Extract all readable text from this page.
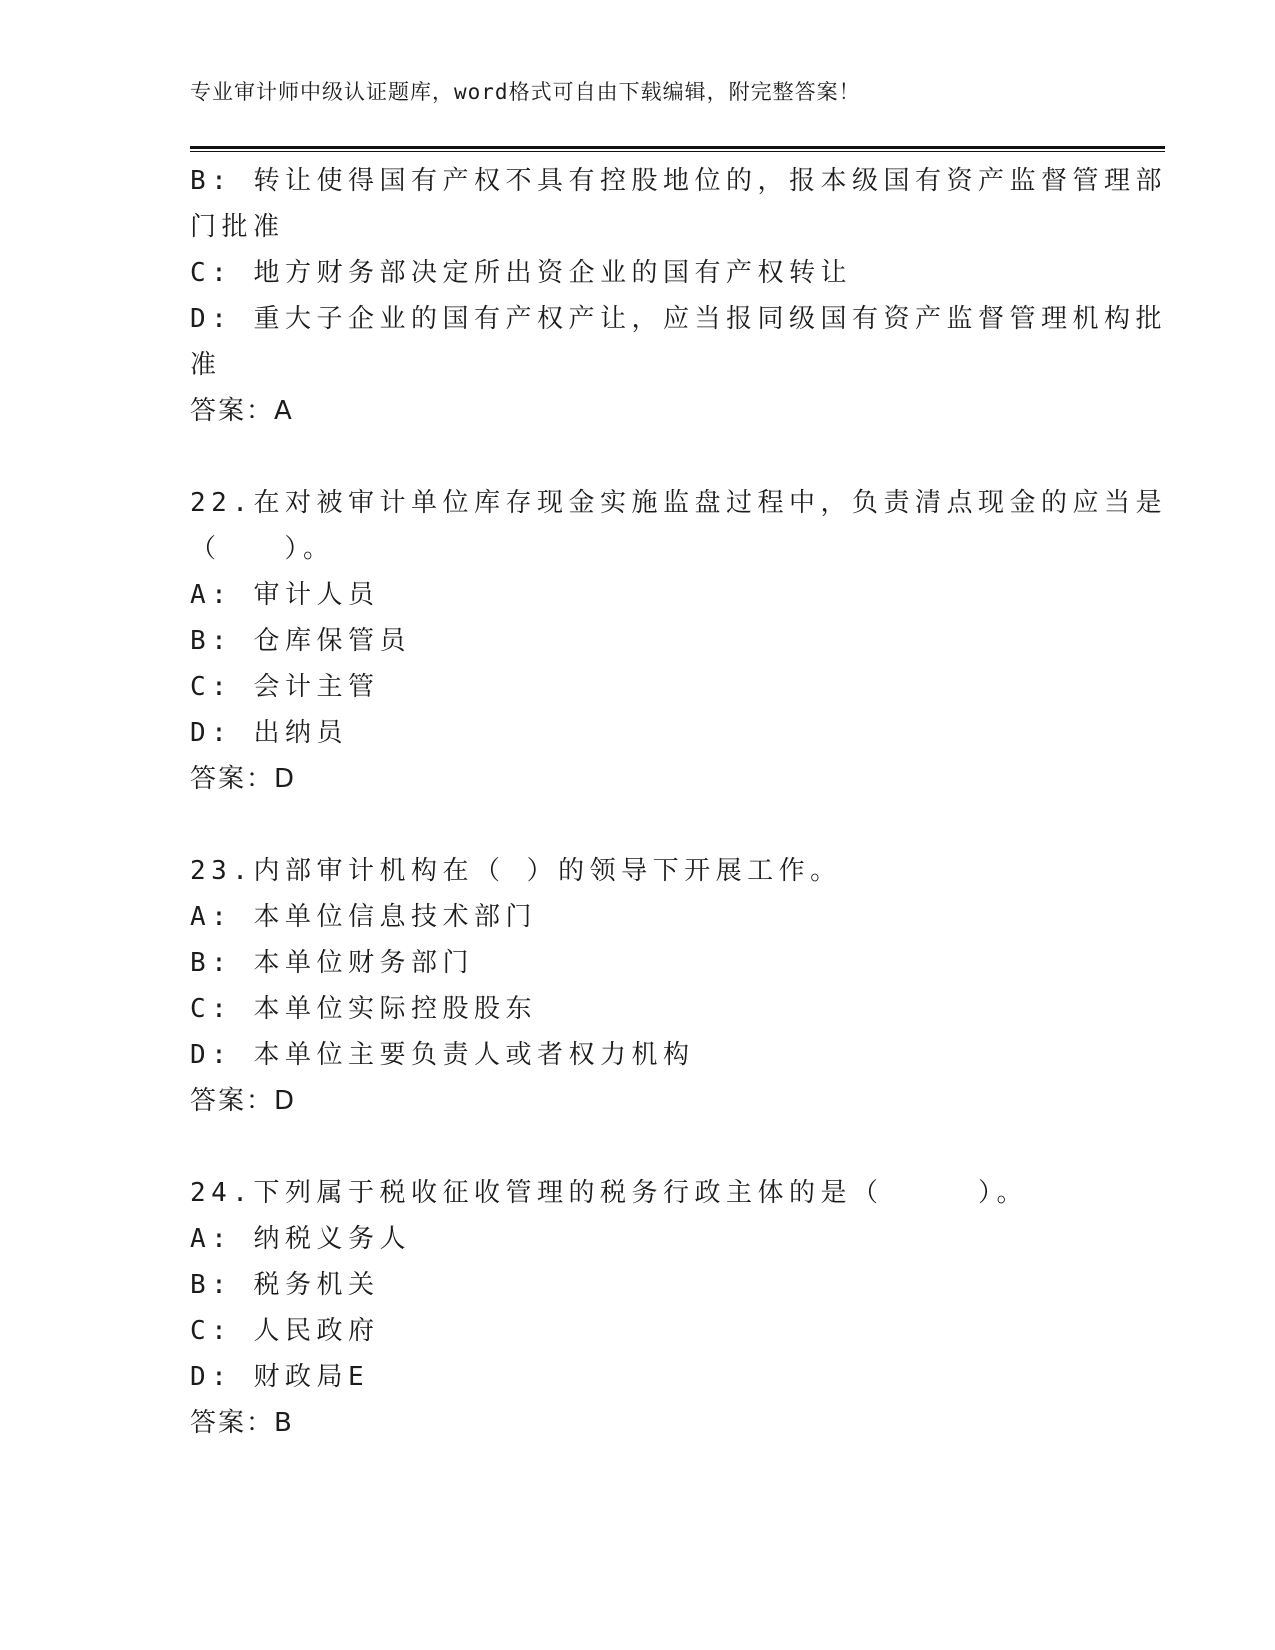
专业审计师中级认证题库，word格式可自由下载编辑，附完整答案！
B: 转让使得国有产权不具有控股地位的，报本级国有资产监督管理部
门批准
C: 地方财务部决定所出资企业的国有产权转让
D: 重大子企业的国有产权产让，应当报同级国有资产监督管理机构批
准
答案：A
22.在对被审计单位库存现金实施监盘过程中，负责清点现金的应当是
（　　）。
A: 审计人员
B: 仓库保管员
C: 会计主管
D: 出纳员
答案：D
23.内部审计机构在（ ）的领导下开展工作。
A: 本单位信息技术部门
B: 本单位财务部门
C: 本单位实际控股股东
D: 本单位主要负责人或者权力机构
答案：D
24.下列属于税收征收管理的税务行政主体的是（　　　）。
A: 纳税义务人
B: 税务机关
C: 人民政府
D: 财政局E
答案：B
